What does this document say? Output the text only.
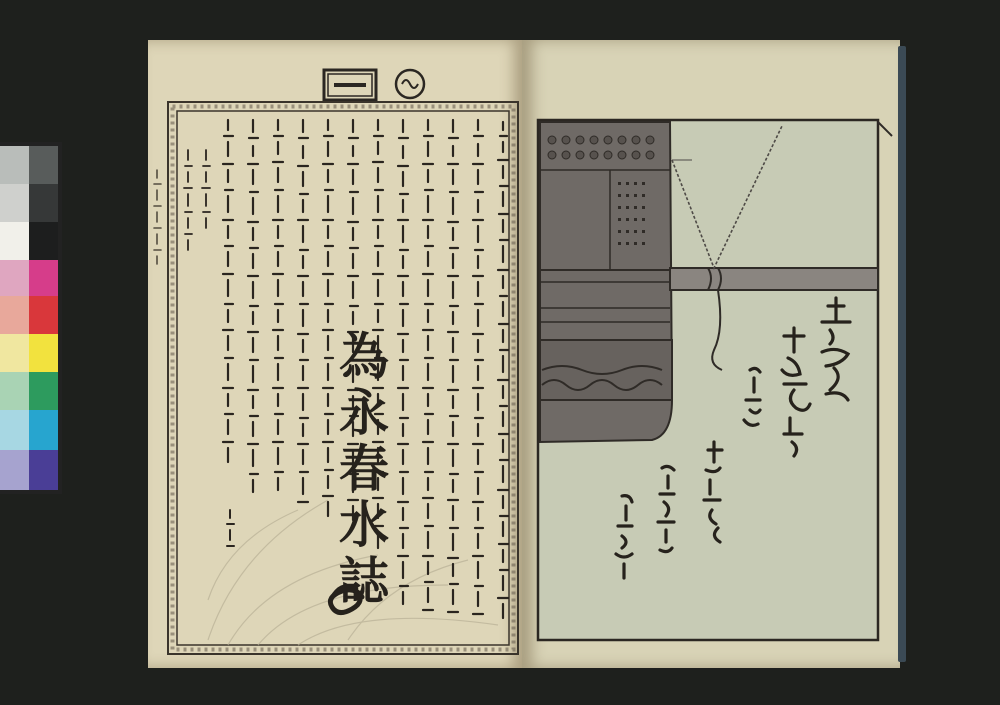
為永春水誌
